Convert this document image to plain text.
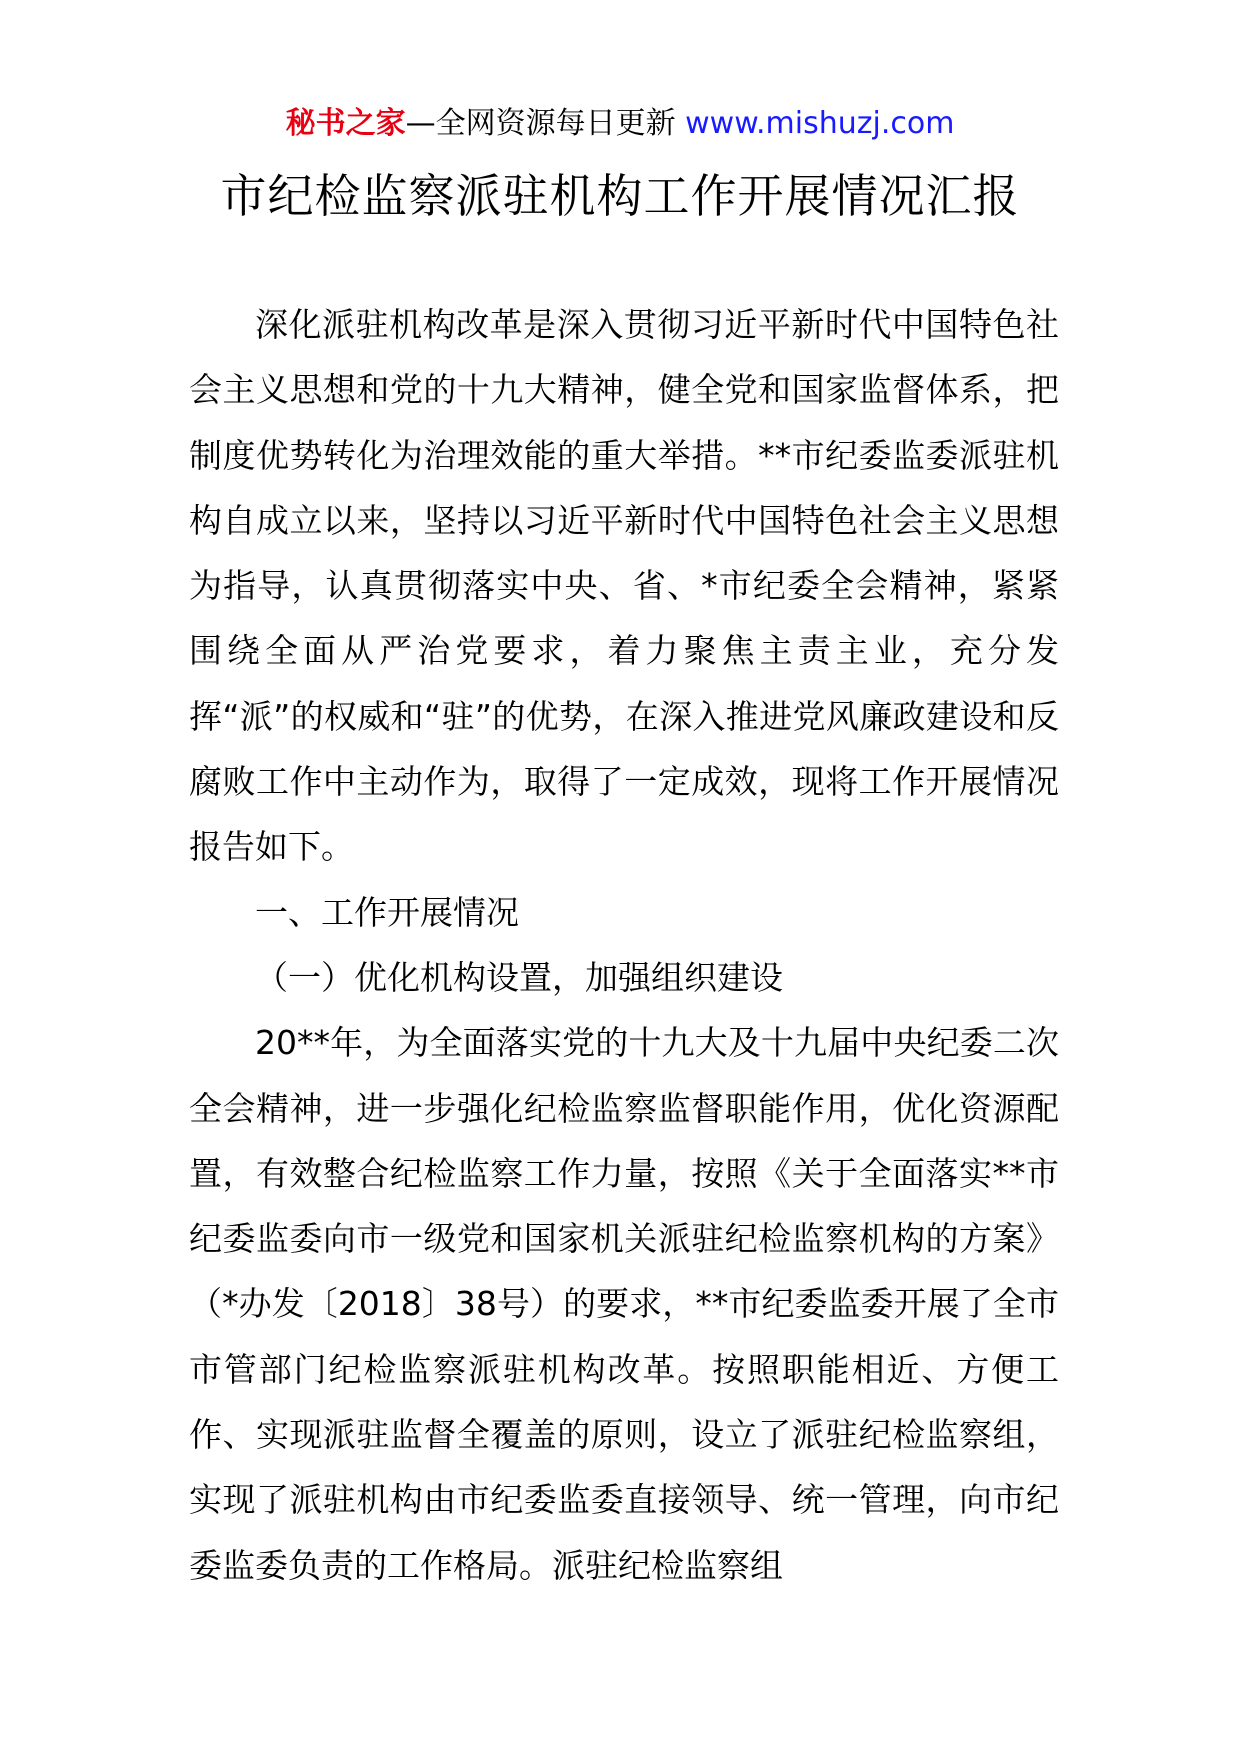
秘书之家—全网资源每日更新 www.mishuzj.com
市纪检监察派驻机构工作开展情况汇报

深化派驻机构改革是深入贯彻习近平新时代中国特色社会主义思想和党的十九大精神，健全党和国家监督体系，把制度优势转化为治理效能的重大举措。**市纪委监委派驻机构自成立以来，坚持以习近平新时代中国特色社会主义思想为指导，认真贯彻落实中央、省、*市纪委全会精神，紧紧围绕全面从严治党要求，着力聚焦主责主业，充分发挥“派”的权威和“驻”的优势，在深入推进党风廉政建设和反腐败工作中主动作为，取得了一定成效，现将工作开展情况报告如下。

一、工作开展情况

（一）优化机构设置，加强组织建设

20**年，为全面落实党的十九大及十九届中央纪委二次全会精神，进一步强化纪检监察监督职能作用，优化资源配置，有效整合纪检监察工作力量，按照《关于全面落实**市纪委监委向市一级党和国家机关派驻纪检监察机构的方案》（*办发〔2018〕38号）的要求，**市纪委监委开展了全市市管部门纪检监察派驻机构改革。按照职能相近、方便工作、实现派驻监督全覆盖的原则，设立了派驻纪检监察组，实现了派驻机构由市纪委监委直接领导、统一管理，向市纪委监委负责的工作格局。派驻纪检监察组
